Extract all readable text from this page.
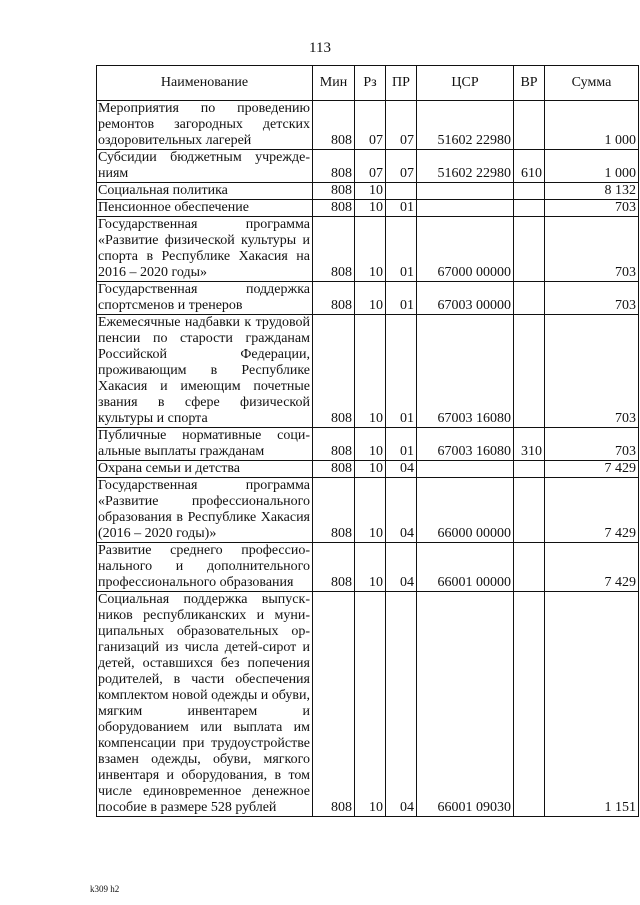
113
Наименование	Мин	Рз	ПР	ЦСР	ВР	Сумма
Мероприятия по проведению ремонтов загородных детских оздоровительных лагерей	808	07	07	51602 22980		1 000
Субсидии бюджетным учреждениям	808	07	07	51602 22980	610	1 000
Социальная политика	808	10				8 132
Пенсионное обеспечение	808	10	01			703
Государственная программа «Развитие физической культуры и спорта в Республике Хакасия на 2016 – 2020 годы»	808	10	01	67000 00000		703
Государственная поддержка спортсменов и тренеров	808	10	01	67003 00000		703
Ежемесячные надбавки к трудовой пенсии по старости гражданам Российской Федерации, проживающим в Республике Хакасия и имеющим почетные звания в сфере физической культуры и спорта	808	10	01	67003 16080		703
Публичные нормативные социальные выплаты гражданам	808	10	01	67003 16080	310	703
Охрана семьи и детства	808	10	04			7 429
Государственная программа «Развитие профессионального образования в Республике Хакасия (2016 – 2020 годы)»	808	10	04	66000 00000		7 429
Развитие среднего профессионального и дополнительного профессионального образования	808	10	04	66001 00000		7 429
Социальная поддержка выпускников республиканских и муниципальных образовательных организаций из числа детей-сирот и детей, оставшихся без попечения родителей, в части обеспечения комплектом новой одежды и обуви, мягким инвентарем и оборудованием или выплата им компенсации при трудоустройстве взамен одежды, обуви, мягкого инвентаря и оборудования, в том числе единовременное денежное пособие в размере 528 рублей	808	10	04	66001 09030		1 151
k309 h2
